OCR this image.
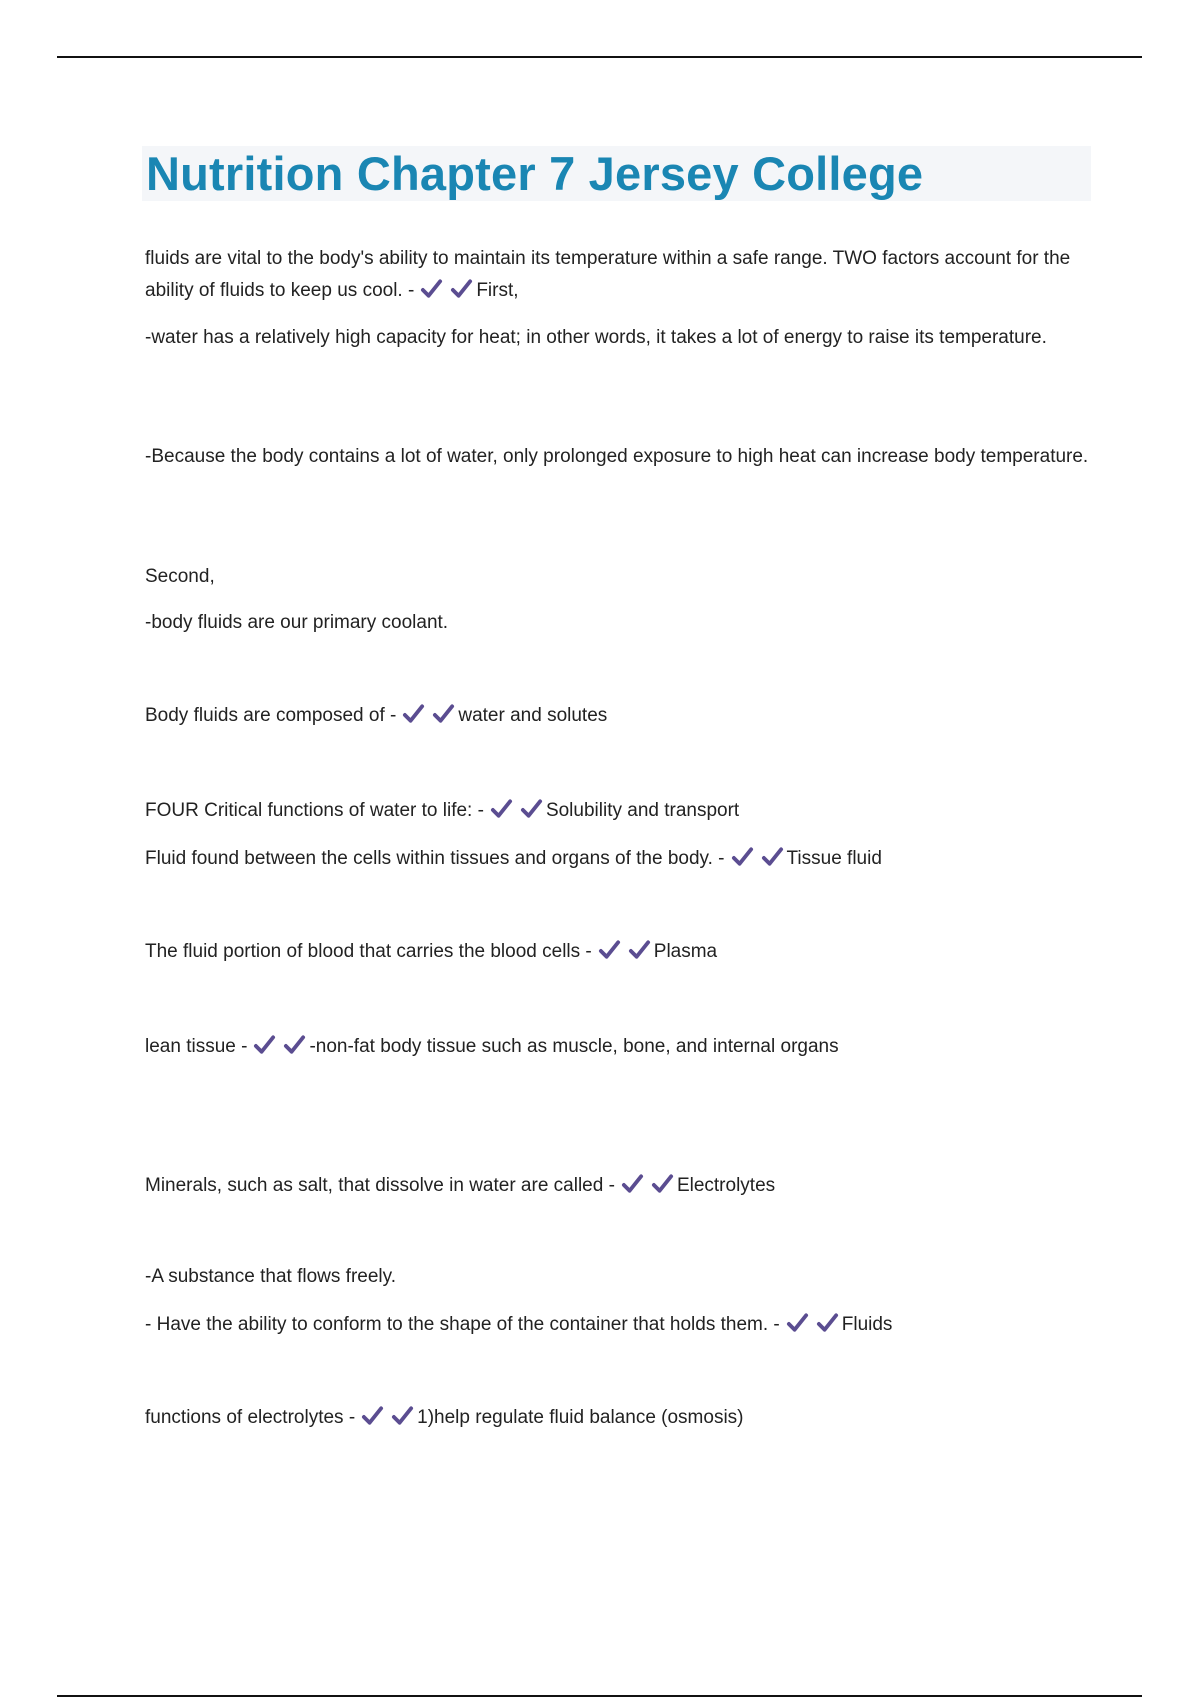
Nutrition Chapter 7 Jersey College
fluids are vital to the body's ability to maintain its temperature within a safe range. TWO factors account for the ability of fluids to keep us cool. -	First,
-water has a relatively high capacity for heat; in other words, it takes a lot of energy to raise its temperature.
-Because the body contains a lot of water, only prolonged exposure to high heat can increase body temperature.
Second,
-body fluids are our primary coolant.
Body fluids are composed of -	water and solutes
FOUR Critical functions of water to life: -	Solubility and transport
Fluid found between the cells within tissues and organs of the body. -	Tissue fluid
The fluid portion of blood that carries the blood cells -	Plasma
lean tissue -	-non-fat body tissue such as muscle, bone, and internal organs
Minerals, such as salt, that dissolve in water are called -	Electrolytes
-A substance that flows freely.
- Have the ability to conform to the shape of the container that holds them. -	Fluids
functions of electrolytes -	1)help regulate fluid balance (osmosis)
